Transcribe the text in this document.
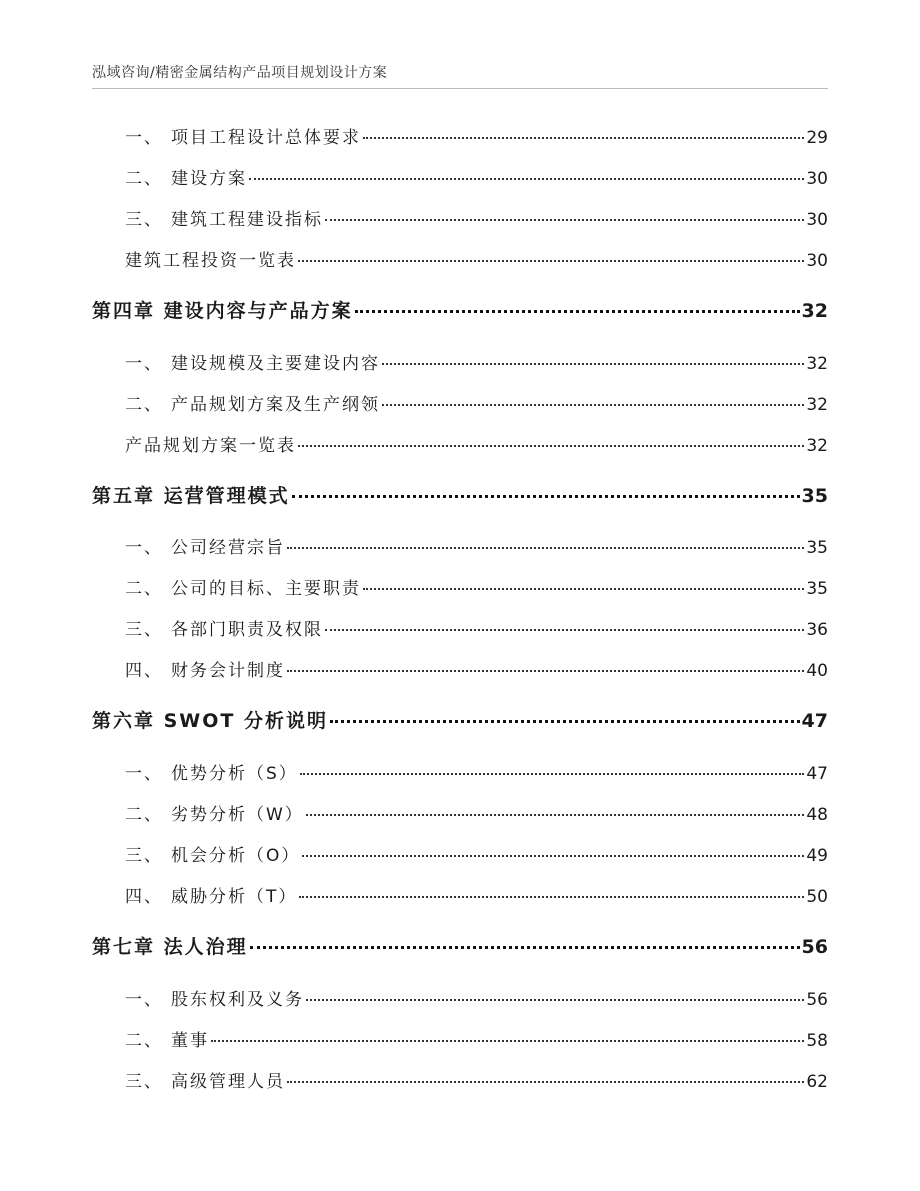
泓域咨询/精密金属结构产品项目规划设计方案
一、 项目工程设计总体要求	29
二、 建设方案	30
三、 建筑工程建设指标	30
建筑工程投资一览表	30
第四章 建设内容与产品方案	32
一、 建设规模及主要建设内容	32
二、 产品规划方案及生产纲领	32
产品规划方案一览表	32
第五章 运营管理模式	35
一、 公司经营宗旨	35
二、 公司的目标、主要职责	35
三、 各部门职责及权限	36
四、 财务会计制度	40
第六章 SWOT 分析说明	47
一、 优势分析（S）	47
二、 劣势分析（W）	48
三、 机会分析（O）	49
四、 威胁分析（T）	50
第七章 法人治理	56
一、 股东权利及义务	56
二、 董事	58
三、 高级管理人员	62
